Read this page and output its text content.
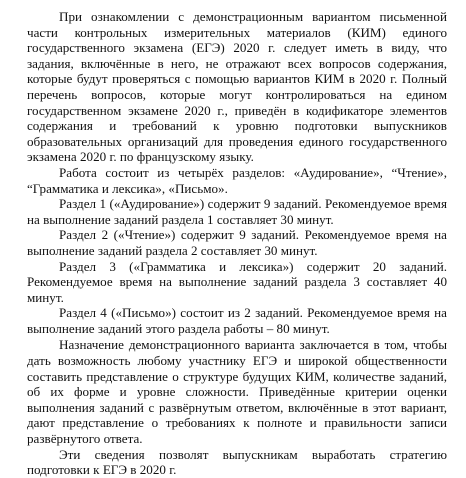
При ознакомлении с демонстрационным вариантом письменной части контрольных измерительных материалов (КИМ) единого государственного экзамена (ЕГЭ) 2020 г. следует иметь в виду, что задания, включённые в него, не отражают всех вопросов содержания, которые будут проверяться с помощью вариантов КИМ в 2020 г. Полный перечень вопросов, которые могут контролироваться на едином государственном экзамене 2020 г., приведён в кодификаторе элементов содержания и требований к уровню подготовки выпускников образовательных организаций для проведения единого государственного экзамена 2020 г. по французскому языку.

Работа состоит из четырёх разделов: «Аудирование», “Чтение», “Грамматика и лексика», «Письмо».

Раздел 1 («Аудирование») содержит 9 заданий. Рекомендуемое время на выполнение заданий раздела 1 составляет 30 минут.

Раздел 2 («Чтение») содержит 9 заданий. Рекомендуемое время на выполнение заданий раздела 2 составляет 30 минут.

Раздел 3 («Грамматика и лексика») содержит 20 заданий. Рекомендуемое время на выполнение заданий раздела 3 составляет 40 минут.

Раздел 4 («Письмо») состоит из 2 заданий. Рекомендуемое время на выполнение заданий этого раздела работы – 80 минут.

Назначение демонстрационного варианта заключается в том, чтобы дать возможность любому участнику ЕГЭ и широкой общественности составить представление о структуре будущих КИМ, количестве заданий, об их форме и уровне сложности. Приведённые критерии оценки выполнения заданий с развёрнутым ответом, включённые в этот вариант, дают представление о требованиях к полноте и правильности записи развёрнутого ответа.

Эти сведения позволят выпускникам выработать стратегию подготовки к ЕГЭ в 2020 г.
